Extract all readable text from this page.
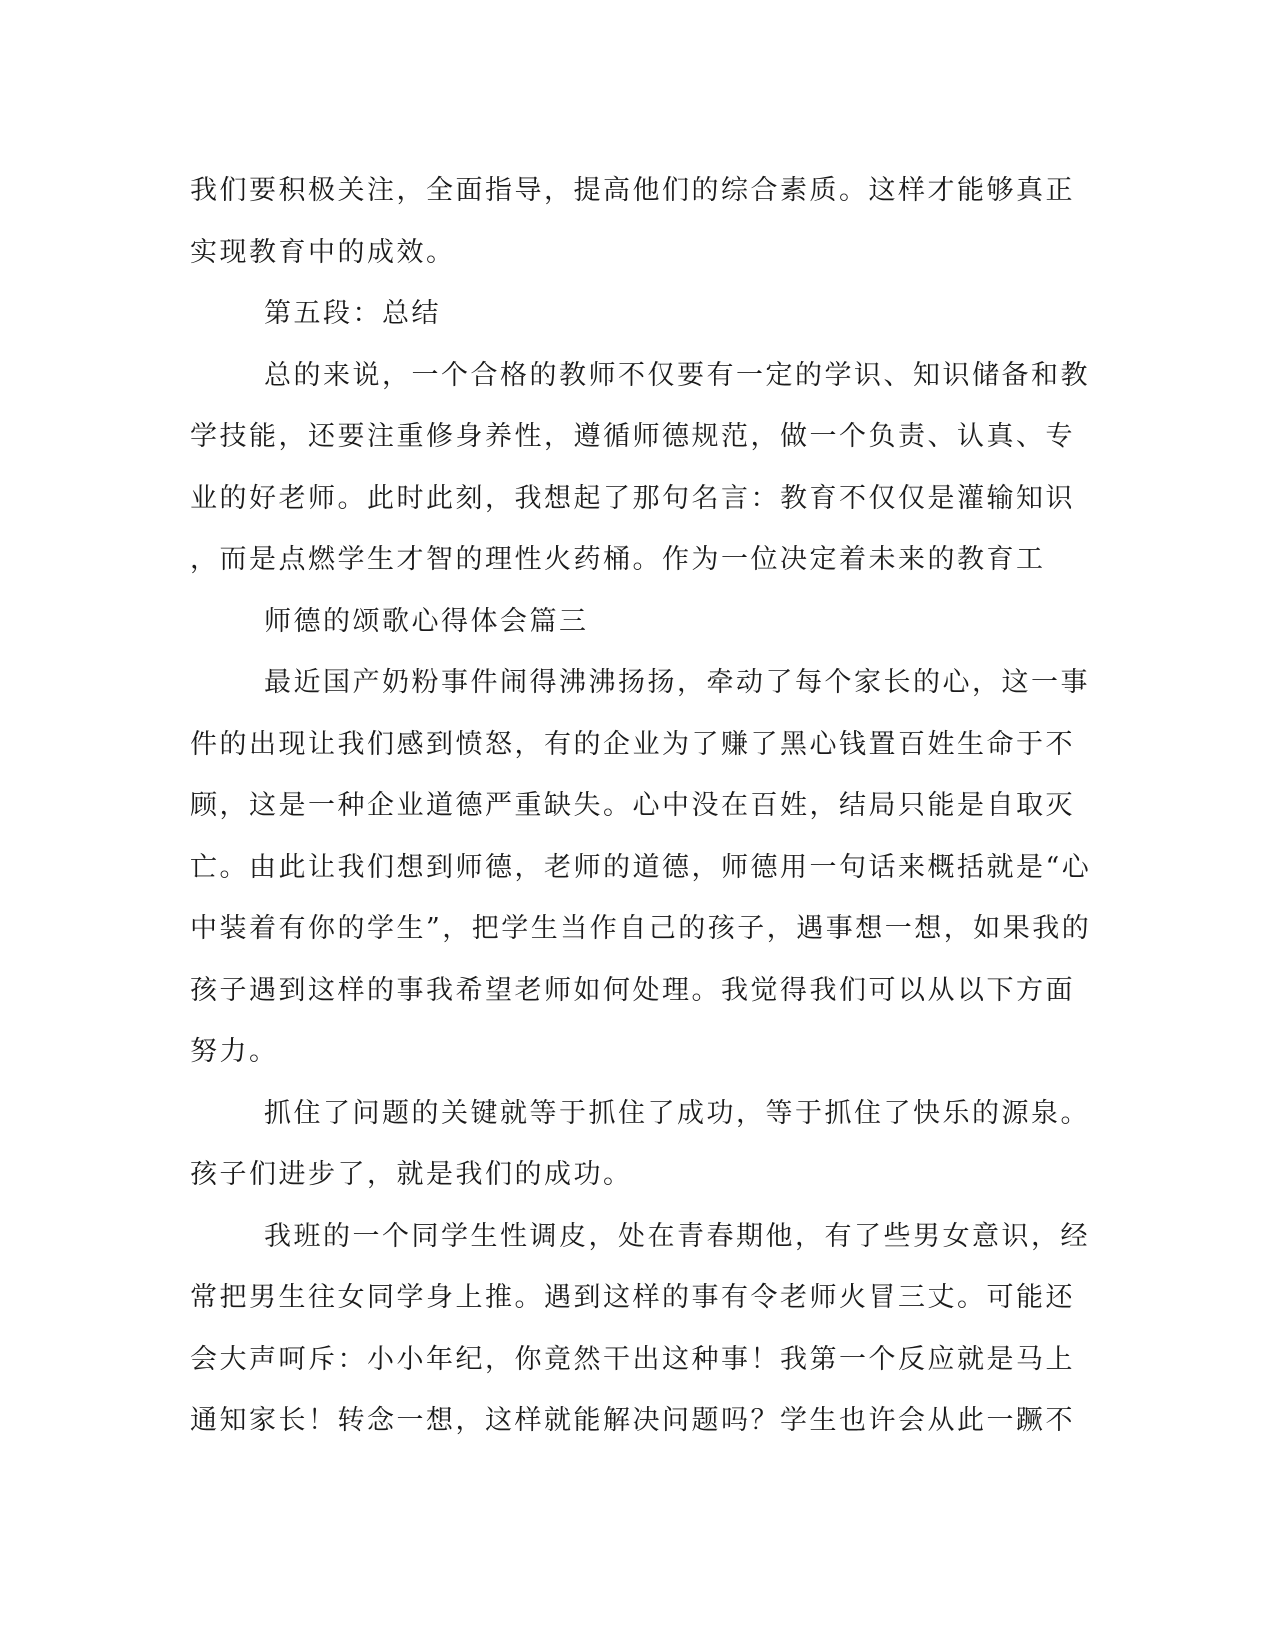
我们要积极关注，全面指导，提高他们的综合素质。这样才能够真正
实现教育中的成效。
第五段：总结
总的来说，一个合格的教师不仅要有一定的学识、知识储备和教
学技能，还要注重修身养性，遵循师德规范，做一个负责、认真、专
业的好老师。此时此刻，我想起了那句名言：教育不仅仅是灌输知识
，而是点燃学生才智的理性火药桶。作为一位决定着未来的教育工
师德的颂歌心得体会篇三
最近国产奶粉事件闹得沸沸扬扬，牵动了每个家长的心，这一事
件的出现让我们感到愤怒，有的企业为了赚了黑心钱置百姓生命于不
顾，这是一种企业道德严重缺失。心中没在百姓，结局只能是自取灭
亡。由此让我们想到师德，老师的道德，师德用一句话来概括就是“心
中装着有你的学生”，把学生当作自己的孩子，遇事想一想，如果我的
孩子遇到这样的事我希望老师如何处理。我觉得我们可以从以下方面
努力。
抓住了问题的关键就等于抓住了成功，等于抓住了快乐的源泉。
孩子们进步了，就是我们的成功。
我班的一个同学生性调皮，处在青春期他，有了些男女意识，经
常把男生往女同学身上推。遇到这样的事有令老师火冒三丈。可能还
会大声呵斥：小小年纪，你竟然干出这种事！我第一个反应就是马上
通知家长！转念一想，这样就能解决问题吗？学生也许会从此一蹶不
